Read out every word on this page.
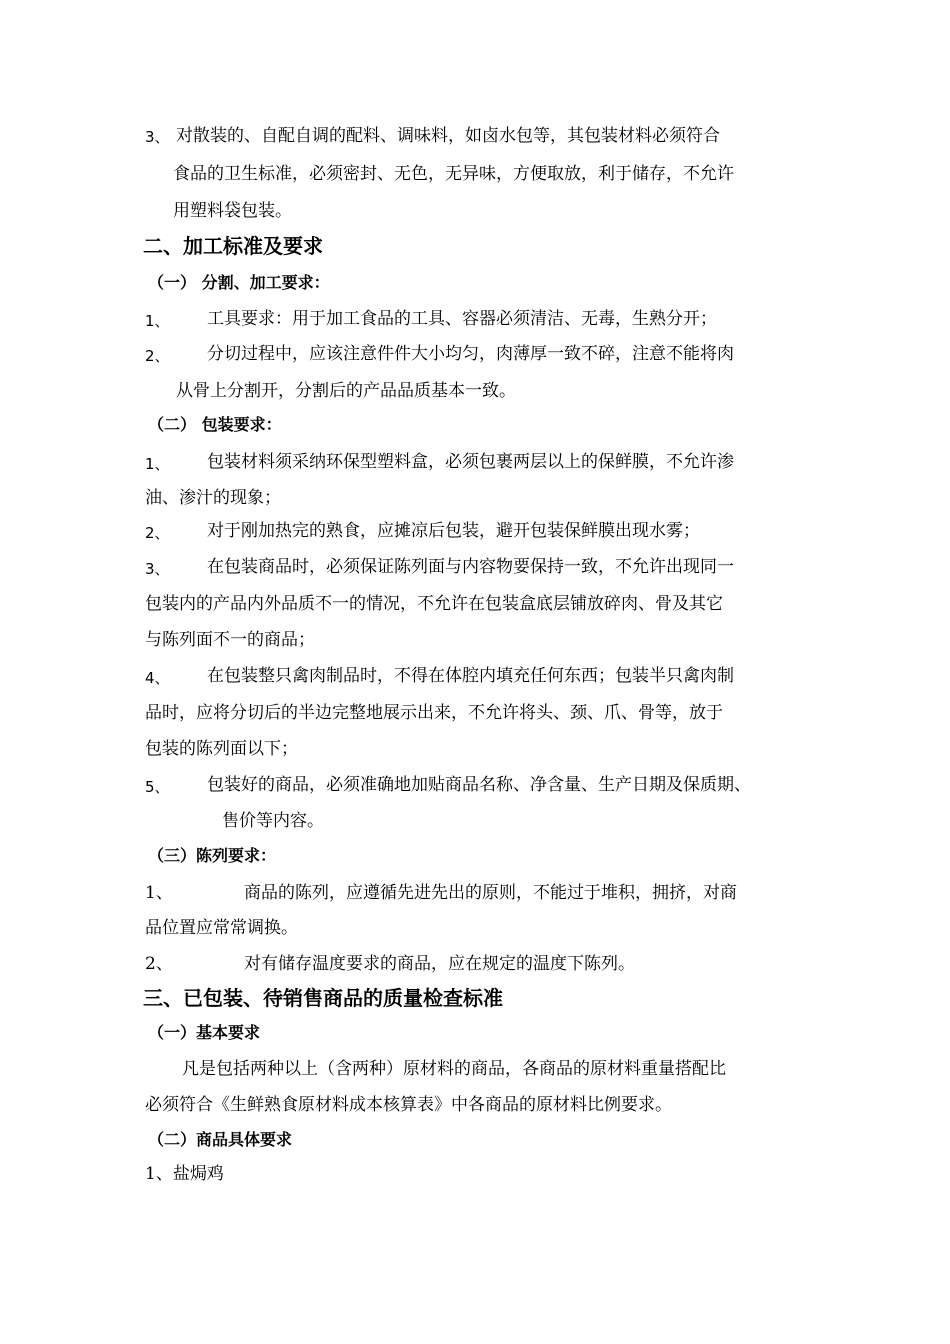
3、 对散装的、自配自调的配料、调味料，如卤水包等，其包装材料必须符合
食品的卫生标准，必须密封、无色，无异味，方便取放，利于储存，不允许
用塑料袋包装。
二、加工标准及要求
（一） 分割、加工要求：
1、 工具要求：用于加工食品的工具、容器必须清洁、无毒，生熟分开；
2、 分切过程中，应该注意件件大小均匀，肉薄厚一致不碎，注意不能将肉
从骨上分割开，分割后的产品品质基本一致。
（二） 包装要求：
1、 包装材料须采纳环保型塑料盒，必须包裹两层以上的保鲜膜，不允许渗
油、渗汁的现象；
2、 对于刚加热完的熟食，应摊凉后包装，避开包装保鲜膜出现水雾；
3、 在包装商品时，必须保证陈列面与内容物要保持一致，不允许出现同一
包装内的产品内外品质不一的情况，不允许在包装盒底层铺放碎肉、骨及其它
与陈列面不一的商品；
4、 在包装整只禽肉制品时，不得在体腔内填充任何东西；包装半只禽肉制
品时，应将分切后的半边完整地展示出来，不允许将头、颈、爪、骨等，放于
包装的陈列面以下；
5、 包装好的商品，必须准确地加贴商品名称、净含量、生产日期及保质期、
售价等内容。
（三）陈列要求：
1、	商品的陈列，应遵循先进先出的原则，不能过于堆积，拥挤，对商
品位置应常常调换。
2、	对有储存温度要求的商品，应在规定的温度下陈列。
三、已包装、待销售商品的质量检查标准
（一）基本要求
凡是包括两种以上（含两种）原材料的商品，各商品的原材料重量搭配比
必须符合《生鲜熟食原材料成本核算表》中各商品的原材料比例要求。
（二）商品具体要求
1、盐焗鸡
